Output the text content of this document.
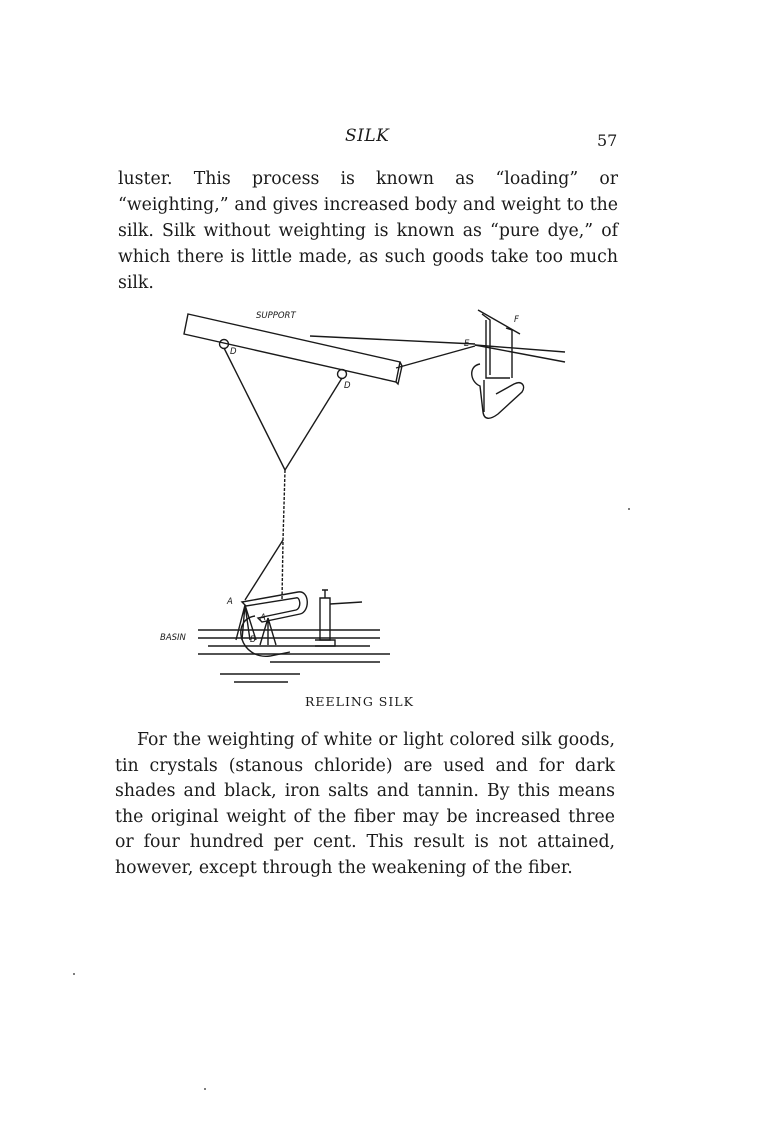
SILK	57

luster. This process is known as “loading” or “weighting,” and gives increased body and weight to the silk. Silk without weighting is known as “pure dye,” of which there is little made, as such goods take too much silk.

SUPPORT
D
D
E
F
A
A
B
BASIN
REELING SILK

For the weighting of white or light colored silk goods, tin crystals (stanous chloride) are used and for dark shades and black, iron salts and tannin. By this means the original weight of the fiber may be increased three or four hundred per cent. This result is not attained, however, except through the weakening of the fiber.
